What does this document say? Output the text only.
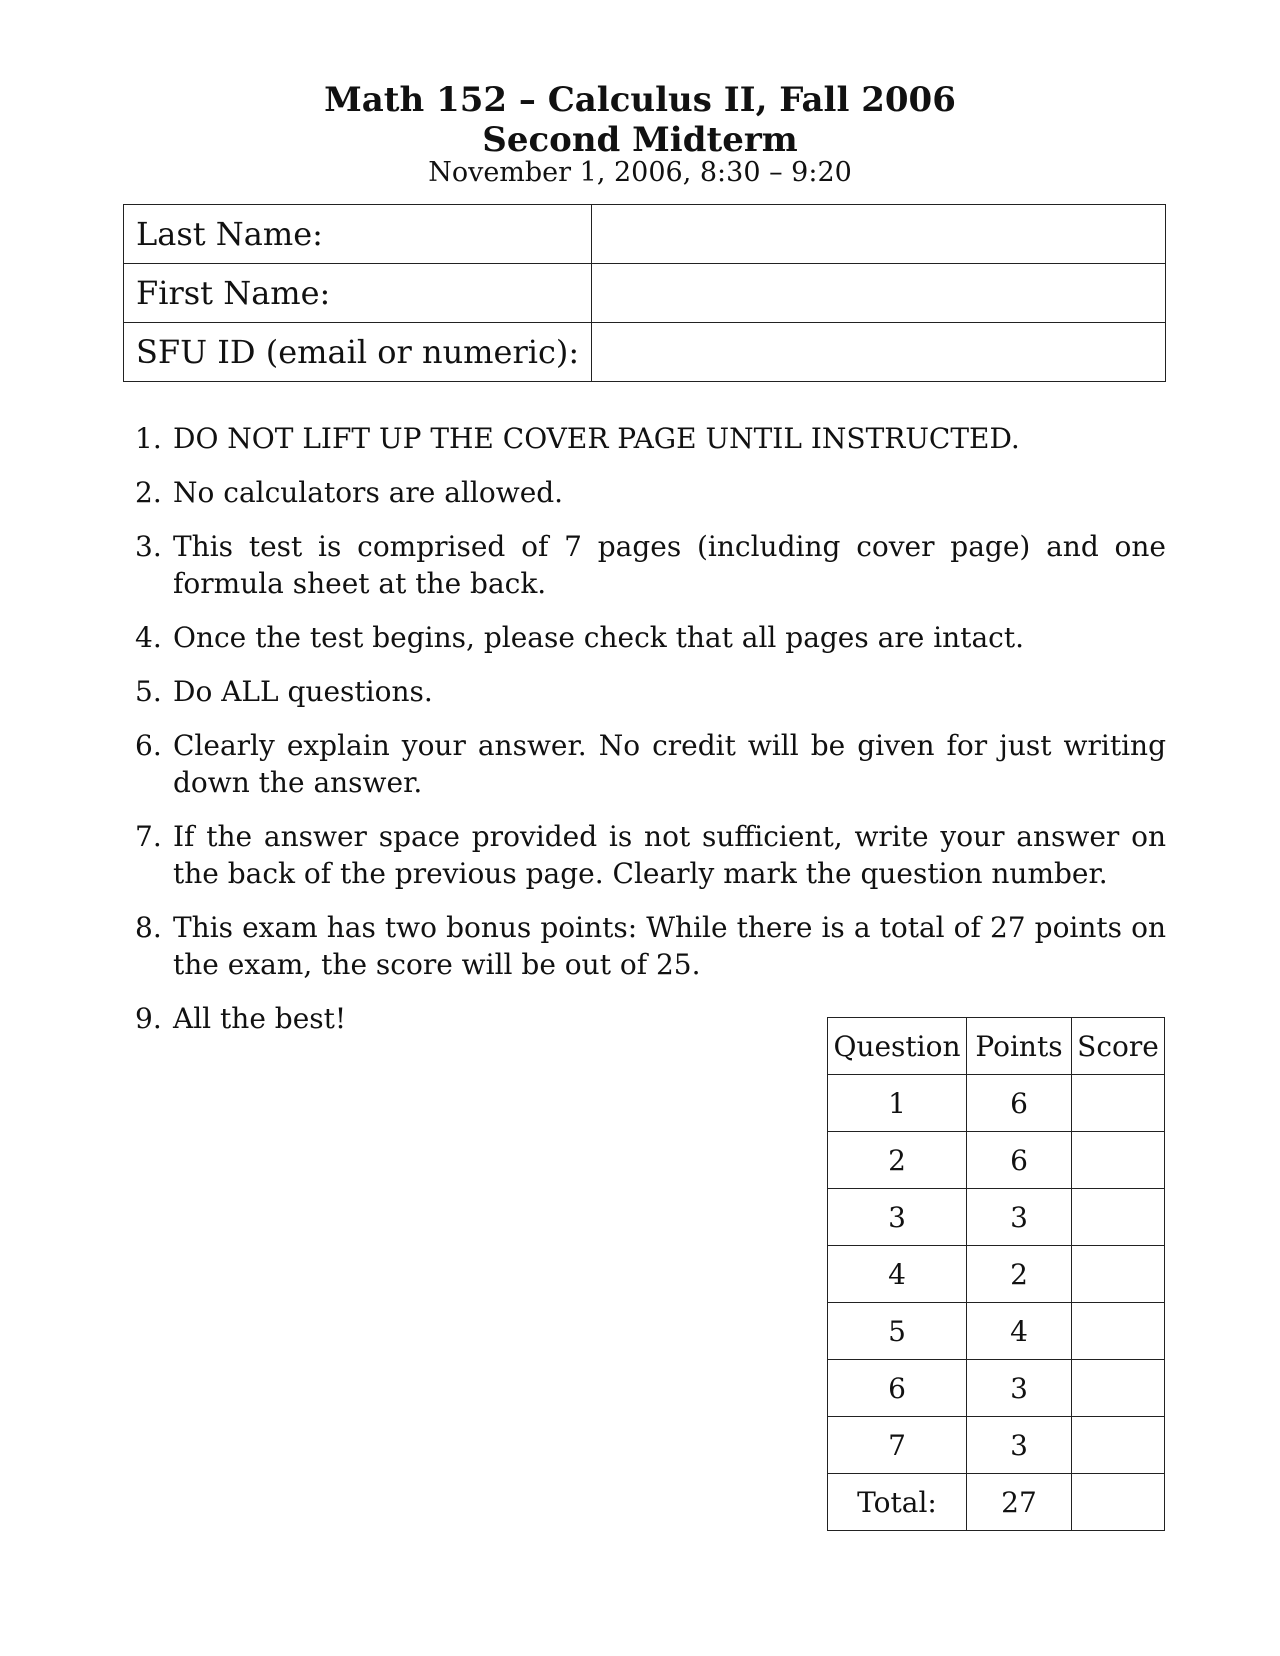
Math 152 – Calculus II, Fall 2006
Second Midterm
November 1, 2006, 8:30 – 9:20
Last Name:	
First Name:	
SFU ID (email or numeric):	
1. DO NOT LIFT UP THE COVER PAGE UNTIL INSTRUCTED.
2. No calculators are allowed.
3. This test is comprised of 7 pages (including cover page) and one formula sheet at the back.
4. Once the test begins, please check that all pages are intact.
5. Do ALL questions.
6. Clearly explain your answer. No credit will be given for just writing down the answer.
7. If the answer space provided is not sufficient, write your answer on the back of the previous page. Clearly mark the question number.
8. This exam has two bonus points: While there is a total of 27 points on the exam, the score will be out of 25.
9. All the best!
Question	Points	Score
1	6	
2	6	
3	3	
4	2	
5	4	
6	3	
7	3	
Total:	27	
